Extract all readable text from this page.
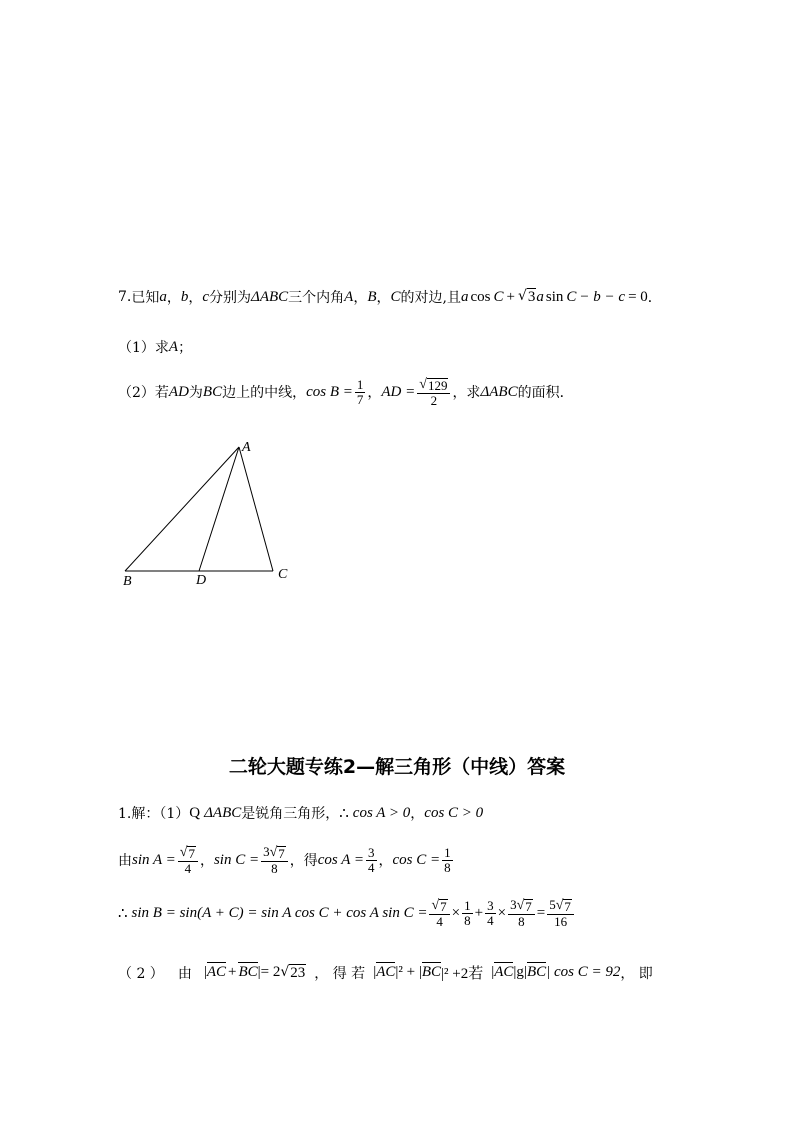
7. 已知 a ， b ， c 分别为 ΔABC 三个内角 A ， B ， C 的对边,且 a cos C + √ 3 a sin C − b − c = 0 ．
（1）求 A ；
（2）若 AD 为 BC 边上的中线， $\cos B = \frac{1}{7}$ ， AD = $\frac{√ 129}{2}$ ，求 ΔABC 的面积．
A
B	D	C
二轮大题专练2—解三角形（中线）答案
1.解：（1） Q ΔABC 是锐角三角形， ∴ cos A > 0 ， cos C > 0
由 $\sin A = \frac{√ 7}{4}$ ， $\sin C = \frac{3 √ 7}{8}$ ，得 $\cos A = \frac{3}{4}$ ， $\cos C = \frac{1}{8}$
∴ sin B = sin(A + C) = sin A cos C + cos A $\sin C = \frac{√ 7}{4} \times \frac{1}{8} + \frac{3}{4} \times \frac{3 √ 7}{8} = \frac{5 √ 7}{16}$
（ 2 ） 由 | AC + BC |= 2 √ 23 ， 得 若 | AC |² + | BC |² +2若 | AC |g| BC | cos C = 92 ， 即
